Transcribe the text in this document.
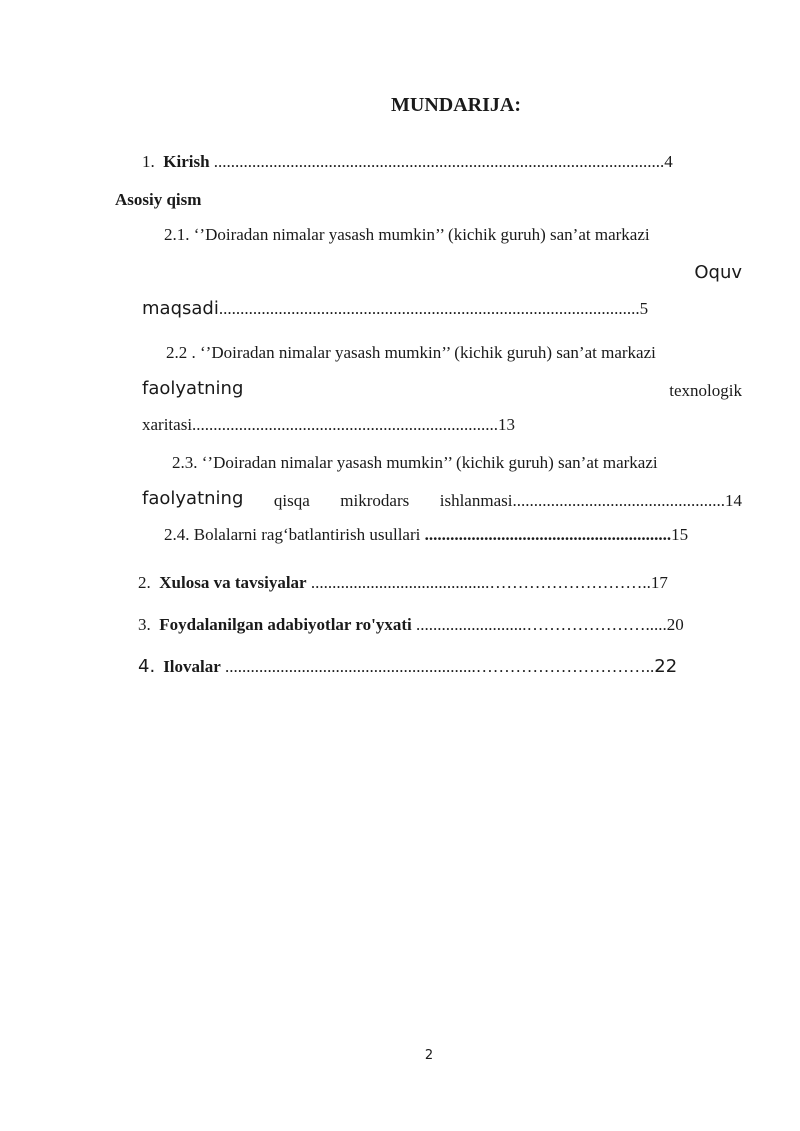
MUNDARIJA:
1. Kirish ..........................................................................................................4
Asosiy qism
2.1. ‘’Doiradan nimalar yasash mumkin’’ (kichik guruh) san’at markazi
Oquv
maqsadi...................................................................................................5
2.2 . ‘’Doiradan nimalar yasash mumkin’’ (kichik guruh) san’at markazi
faolyatning	texnologik
xaritasi........................................................................13
2.3. ‘’Doiradan nimalar yasash mumkin’’ (kichik guruh) san’at markazi
faolyatning qisqa mikrodars ishlanmasi..................................................14
2.4. Bolalarni rag‘batlantirish usullari ..........................................................15
2. Xulosa va tavsiyalar ..........................................………………………..17
3. Foydalanilgan adabiyotlar ro'yxati ..........................………………….....20
4. Ilovalar ...........................................................…………………………..22
2
